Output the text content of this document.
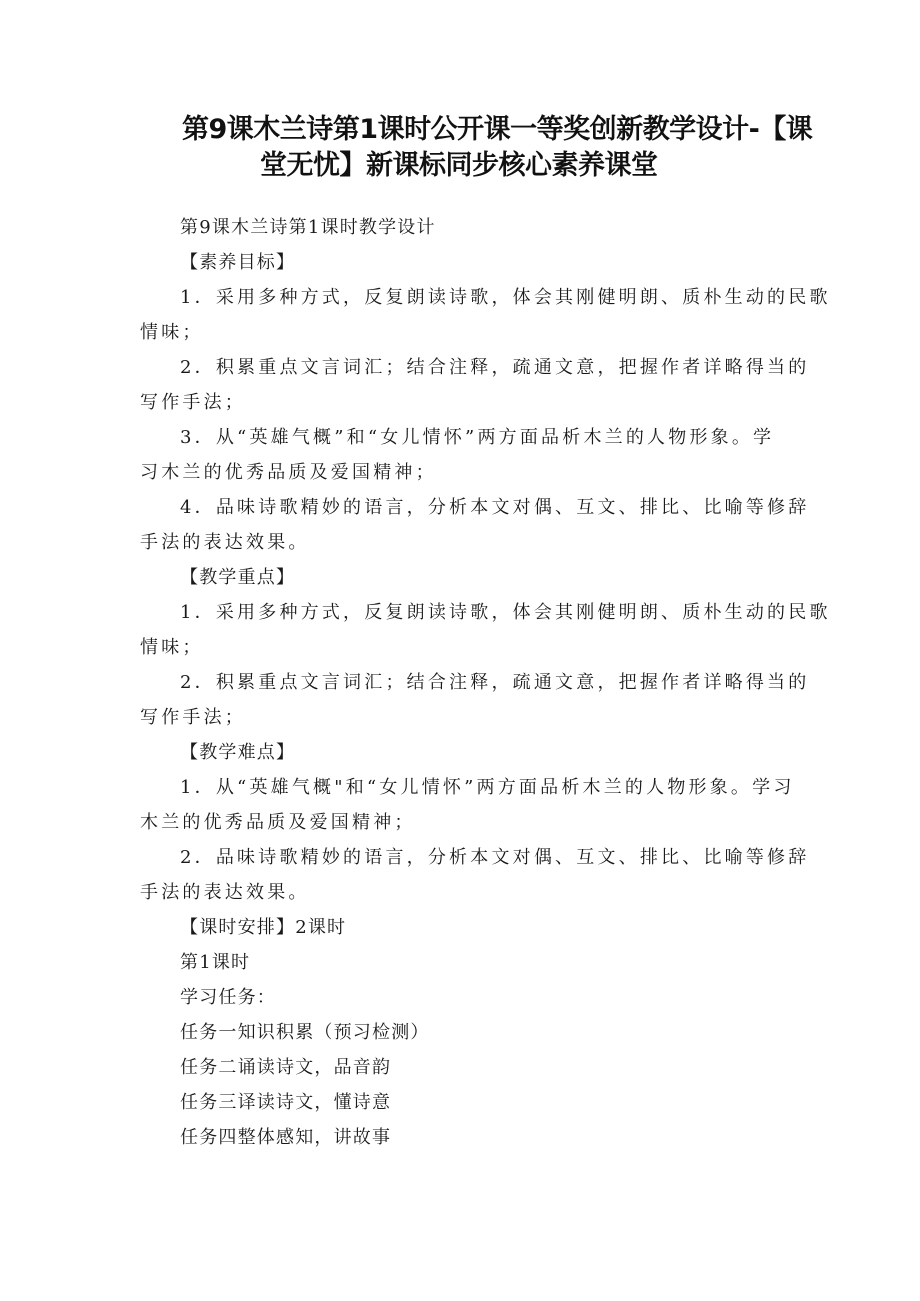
第9课木兰诗第1课时公开课一等奖创新教学设计-【课
堂无忧】新课标同步核心素养课堂
第9课木兰诗第1课时教学设计
【素养目标】
1．采用多种方式，反复朗读诗歌，体会其刚健明朗、质朴生动的民歌
情味；
2．积累重点文言词汇；结合注释，疏通文意，把握作者详略得当的
写作手法；
3．从“英雄气概”和“女儿情怀”两方面品析木兰的人物形象。学
习木兰的优秀品质及爱国精神；
4．品味诗歌精妙的语言，分析本文对偶、互文、排比、比喻等修辞
手法的表达效果。
【教学重点】
1．采用多种方式，反复朗读诗歌，体会其刚健明朗、质朴生动的民歌
情味；
2．积累重点文言词汇；结合注释，疏通文意，把握作者详略得当的
写作手法；
【教学难点】
1．从“英雄气概"和“女儿情怀”两方面品析木兰的人物形象。学习
木兰的优秀品质及爱国精神；
2．品味诗歌精妙的语言，分析本文对偶、互文、排比、比喻等修辞
手法的表达效果。
【课时安排】2课时
第1课时
学习任务：
任务一知识积累（预习检测）
任务二诵读诗文，品音韵
任务三译读诗文，懂诗意
任务四整体感知，讲故事
